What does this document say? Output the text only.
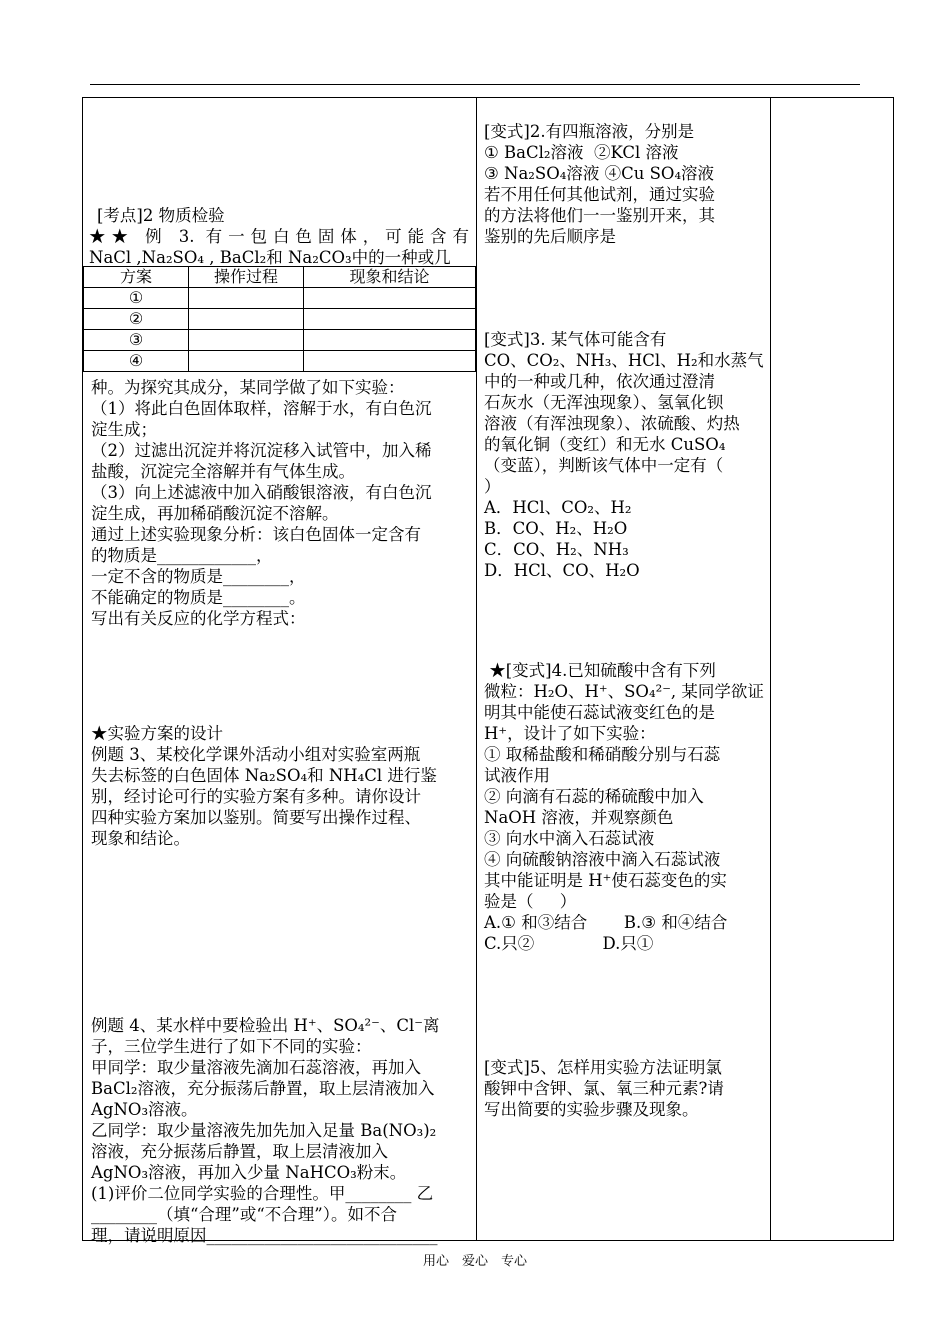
[考点]2 物质检验

★★ 例 3. 有一包白色固体，可能含有

NaCl ,Na₂SO₄ , BaCl₂和 Na₂CO₃中的一种或几

方案	操作过程	现象和结论
①		
②		
③		
④		

种。为探究其成分，某同学做了如下实验：

（1）将此白色固体取样，溶解于水，有白色沉

淀生成；

（2）过滤出沉淀并将沉淀移入试管中，加入稀

盐酸，沉淀完全溶解并有气体生成。

（3）向上述滤液中加入硝酸银溶液，有白色沉

淀生成，再加稀硝酸沉淀不溶解。

通过上述实验现象分析：该白色固体一定含有

的物质是____________，

一定不含的物质是________，

不能确定的物质是________。

写出有关反应的化学方程式：

★实验方案的设计

例题 3、某校化学课外活动小组对实验室两瓶

失去标签的白色固体 Na₂SO₄和 NH₄Cl 进行鉴

别，经讨论可行的实验方案有多种。请你设计

四种实验方案加以鉴别。简要写出操作过程、

现象和结论。

例题 4、某水样中要检验出 H⁺、SO₄²⁻、Cl⁻离

子，三位学生进行了如下不同的实验：

甲同学：取少量溶液先滴加石蕊溶液，再加入

BaCl₂溶液，充分振荡后静置，取上层清液加入

AgNO₃溶液。

乙同学：取少量溶液先加先加入足量 Ba(NO₃)₂

溶液，充分振荡后静置，取上层清液加入

AgNO₃溶液，再加入少量 NaHCO₃粉末。

(1)评价二位同学实验的合理性。甲________ 乙

________（填“合理”或“不合理”）。如不合

理，请说明原因____________________________

[变式]2.有四瓶溶液，分别是

① BaCl₂溶液  ②KCl 溶液

③ Na₂SO₄溶液 ④Cu SO₄溶液

若不用任何其他试剂，通过实验

的方法将他们一一鉴别开来，其

鉴别的先后顺序是

[变式]3. 某气体可能含有

CO、CO₂、NH₃、HCl、H₂和水蒸气

中的一种或几种，依次通过澄清

石灰水（无浑浊现象）、氢氧化钡

溶液（有浑浊现象）、浓硫酸、灼热

的氧化铜（变红）和无水 CuSO₄

（变蓝），判断该气体中一定有（

）

A．HCl、CO₂、H₂

B．CO、H₂、H₂O

C．CO、H₂、NH₃

D．HCl、CO、H₂O

★[变式]4.已知硫酸中含有下列

微粒：H₂O、H⁺、SO₄²⁻, 某同学欲证

明其中能使石蕊试液变红色的是

H⁺，设计了如下实验：

① 取稀盐酸和稀硝酸分别与石蕊

试液作用

② 向滴有石蕊的稀硫酸中加入

NaOH 溶液，并观察颜色

③ 向水中滴入石蕊试液

④ 向硫酸钠溶液中滴入石蕊试液

其中能证明是 H⁺使石蕊变色的实

验是（     ）

A.① 和③结合       B.③ 和④结合

C.只②             D.只①

[变式]5、怎样用实验方法证明氯

酸钾中含钾、氯、氧三种元素?请

写出简要的实验步骤及现象。

用心　爱心　专心
